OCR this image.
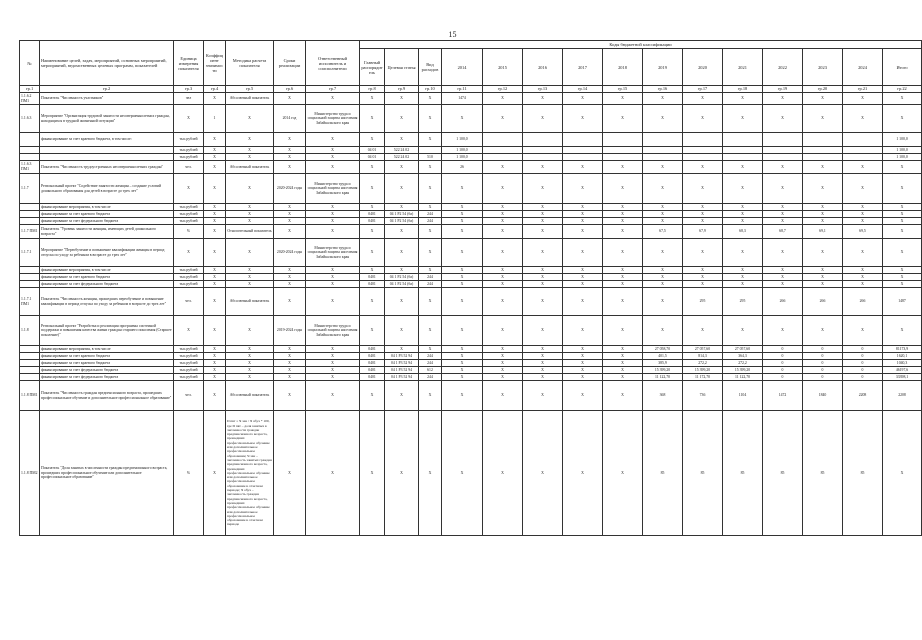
15
№	Наименование целей, задач, мероприятий, основных мероприятий, мероприятий, ведомственных целевых программ, показателей	Единица измерения показателя	Коэффициент значимости	Методика расчета показателя	Сроки реализации	Ответственный исполнитель и соисполнители	Коды бюджетной классификации														
							Главный распорядитель	Целевая статья	Вид расходов	2014	2015	2016	2017	2018	2019	2020	2021	2022	2023	2024	Итого
гр.1	гр.2	гр.3	гр.4	гр.5	гр.6	гр.7	гр.8	гр.9	гр.10	гр.11	гр.12	гр.13	гр.14	гр.15	гр.16	гр.17	гр.18	гр.19	гр.20	гр.21	гр.22
1.1.6.2 ПМ1	Показатель "Численность участников"	чел	Х	Абсолютный показатель	Х	Х	Х	Х	Х	1474	Х	Х	Х	Х	Х	Х	Х	Х	Х	Х	Х
1.1.6.3	Мероприятие "Организация трудовой занятости несовершеннолетних граждан, находящихся в трудной жизненной ситуации"	Х	1	Х	2014 год	Министерство труда и социальной защиты населения Забайкальского края	Х	Х	Х	Х	Х	Х	Х	Х	Х	Х	Х	Х	Х	Х	Х
	финансирование за счет краевого бюджета, в том числе:	тыс.рублей	Х	Х	Х	Х	Х	Х	Х	1 100,0											1 100,0
		тыс.рублей	Х	Х	Х	Х	04 01	522 24 02		1 100,0											1 100,0
		тыс.рублей	Х	Х	Х	Х	04 01	522 24 02	510	1 100,0											1 100,0
1.1.6.3 ПМ1	Показатель "Численность трудоустроенных несовершеннолетних граждан"	чел.	Х	Абсолютный показатель	Х	Х	Х	Х	Х	26	Х	Х	Х	Х	Х	Х	Х	Х	Х	Х	Х
1.1.7	Региональный проект "Содействие занятости женщин – создание условий дошкольного образования для детей в возрасте до трех лет"	Х	Х	Х	2020-2024 годы	Министерство труда и социальной защиты населения Забайкальского края	Х	Х	Х	Х	Х	Х	Х	Х	Х	Х	Х	Х	Х	Х	Х
	финансирование мероприятия, в том числе	тыс.рублей	Х	Х	Х	Х	Х	Х	Х	Х	Х	Х	Х	Х	Х	Х	Х	Х	Х	Х	Х
	финансирование за счет краевого бюджета	тыс.рублей	Х	Х	Х	Х	0401	04 1 P2 54 (ба)	244	Х	Х	Х	Х	Х	Х	Х	Х	Х	Х	Х	Х
	финансирование за счет федерального бюджета	тыс.рублей	Х	Х	Х	Х	0401	04 1 P2 54 (ба)	244	Х	Х	Х	Х	Х	Х	Х	Х	Х	Х	Х	Х
1.1.7 ПМ1	Показатель "Уровень занятости женщин, имеющих детей дошкольного возраста"	%	Х	Относительный показатель	Х	Х	Х	Х	Х	Х	Х	Х	Х	Х	67,5	67,9	68,3	68,7	69,1	69,5	Х
1.1.7.1	Мероприятие "Переобучение и повышение квалификации женщин в период отпуска по уходу за ребенком в возрасте до трех лет"	Х	Х	Х	2020-2024 годы	Министерство труда и социальной защиты населения Забайкальского края	Х	Х	Х	Х	Х	Х	Х	Х	Х	Х	Х	Х	Х	Х	Х
	финансирование мероприятия, в том числе	тыс.рублей	Х	Х	Х	Х	Х	Х	Х	Х	Х	Х	Х	Х	Х	Х	Х	Х	Х	Х	Х
	финансирование за счет краевого бюджета	тыс.рублей	Х	Х	Х	Х	0401	04 1 P2 54 (ба)	244	Х	Х	Х	Х	Х	Х	Х	Х	Х	Х	Х	Х
	финансирование за счет федерального бюджета	тыс.рублей	Х	Х	Х	Х	0401	04 1 P2 54 (ба)	244	Х	Х	Х	Х	Х	Х	Х	Х	Х	Х	Х	Х
1.1.7.1 ПМ1	Показатель "Численность женщин, прошедших переобучение и повышение квалификации в период отпуска по уходу за ребенком в возрасте до трех лет"	чел.	Х	Абсолютный показатель	Х	Х	Х	Х	Х	Х	Х	Х	Х	Х	Х	295	295	266	266	266	1487
1.1.8	Региональный проект "Разработка и реализация программы системной поддержки и повышения качества жизни граждан старшего поколения (Старшее поколение)"	Х	Х	Х	2019-2024 годы	Министерство труда и социальной защиты населения Забайкальского края	Х	Х	Х	Х	Х	Х	Х	Х	Х	Х	Х	Х	Х	Х	Х
	финансирование мероприятия, в том числе	тыс.рублей	Х	Х	Х	Х	0401	Х	Х	Х	Х	Х	Х	Х	27 058,70	27 057,60	27 057,60	0	0	0	81173,9
	финансирование за счет краевого бюджета	тыс.рублей	Х	Х	Х	Х	0401	04 1 P3 52 94	244	Х	Х	Х	Х	Х	401,5	814,3	364,3	0	0	0	1620,1
	финансирование за счет краевого бюджета	тыс.рублей	Х	Х	Х	Х	0401	04 1 P3 52 94	244	Х	Х	Х	Х	Х	385,9	272,2	272,2	0	0	0	1040,3
	финансирование за счет федерального бюджета	тыс.рублей	Х	Х	Х	Х	0401	04 1 P3 52 94	612	Х	Х	Х	Х	Х	15 399,20	15 399,20	15 399,20	0	0	0	46197,6
	финансирование за счет федерального бюджета	тыс.рублей	Х	Х	Х	Х	0401	04 1 P3 52 94	244	Х	Х	Х	Х	Х	11 122,70	11 172,70	11 122,70	0	0	0	33398,1
1.1.8 ПМ1	Показатель "Численность граждан предпенсионного возраста, прошедших профессиональное обучение и дополнительное профессиональное образование"	чел.	Х	Абсолютный показатель	Х	Х	Х	Х	Х	Х	Х	Х	Х	Х	368	736	1104	1472	1840	2208	2208
1.1.8 ПМ2	Показатель "Доля занятых в численности граждан предпенсионного возраста, прошедших профессиональное обучение или дополнительное профессиональное образование"	%	Х	D пвт = Ч зан / Ч обуч * 100, где D пвт – доля занятых в численности граждан предпенсионного возраста, прошедших профессиональное обучение или дополнительное профессиональное образование; Ч зан – численность занятых граждан предпенсионного возраста, прошедших профессиональное обучение или дополнительное профессиональное образование в отчетном периоде; Ч обуч – численность граждан предпенсионного возраста, прошедших профессиональное обучение или дополнительное профессиональное образование в отчетном периоде	Х	Х	Х	Х	Х	Х	Х	Х	Х	Х	85	85	85	85	85	85	Х
